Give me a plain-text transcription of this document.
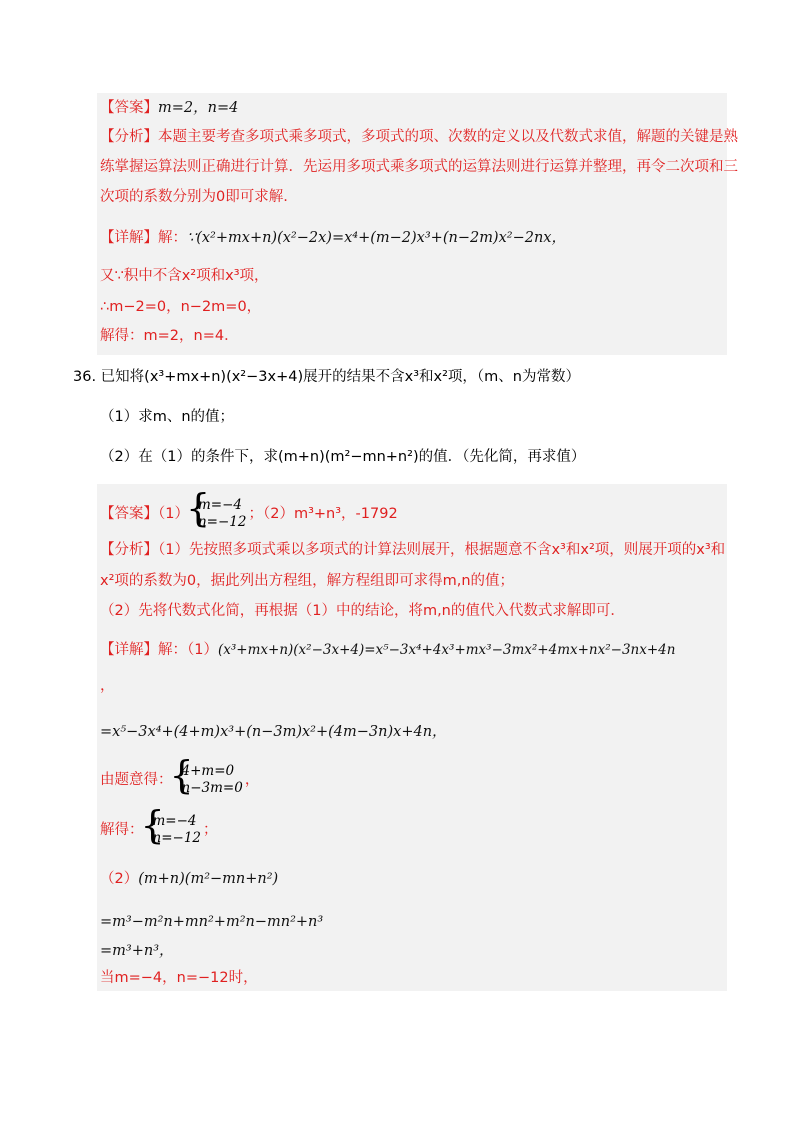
【答案】m=2，n=4
【分析】本题主要考查多项式乘多项式，多项式的项、次数的定义以及代数式求值，解题的关键是熟
练掌握运算法则正确进行计算．先运用多项式乘多项式的运算法则进行运算并整理，再令二次项和三
次项的系数分别为0即可求解.
【详解】解：∵(x²+mx+n)(x²−2x)=x⁴+(m−2)x³+(n−2m)x²−2nx，
又∵积中不含x²项和x³项，
∴m−2=0，n−2m=0，
解得：m=2，n=4．
36. 已知将(x³+mx+n)(x²−3x+4)展开的结果不含x³和x²项，（m、n为常数）
（1）求m、n的值；
（2）在（1）的条件下，求(m+n)(m²−mn+n²)的值．（先化简，再求值）
【答案】（1）
{ m=−4
n=−12 ；（2）m³+n³，-1792
【分析】（1）先按照多项式乘以多项式的计算法则展开，根据题意不含x³和x²项，则展开项的x³和
x²项的系数为0，据此列出方程组，解方程组即可求得m,n的值；
（2）先将代数式化简，再根据（1）中的结论，将m,n的值代入代数式求解即可．
【详解】解：（1）(x³+mx+n)(x²−3x+4)=x⁵−3x⁴+4x³+mx³−3mx²+4mx+nx²−3nx+4n
，
=x⁵−3x⁴+(4+m)x³+(n−3m)x²+(4m−3n)x+4n，
由题意得：
{ 4+m=0
n−3m=0 ，
解得：
{ m=−4
n=−12 ；
（2）(m+n)(m²−mn+n²)
=m³−m²n+mn²+m²n−mn²+n³
=m³+n³，
当m=−4，n=−12时，
